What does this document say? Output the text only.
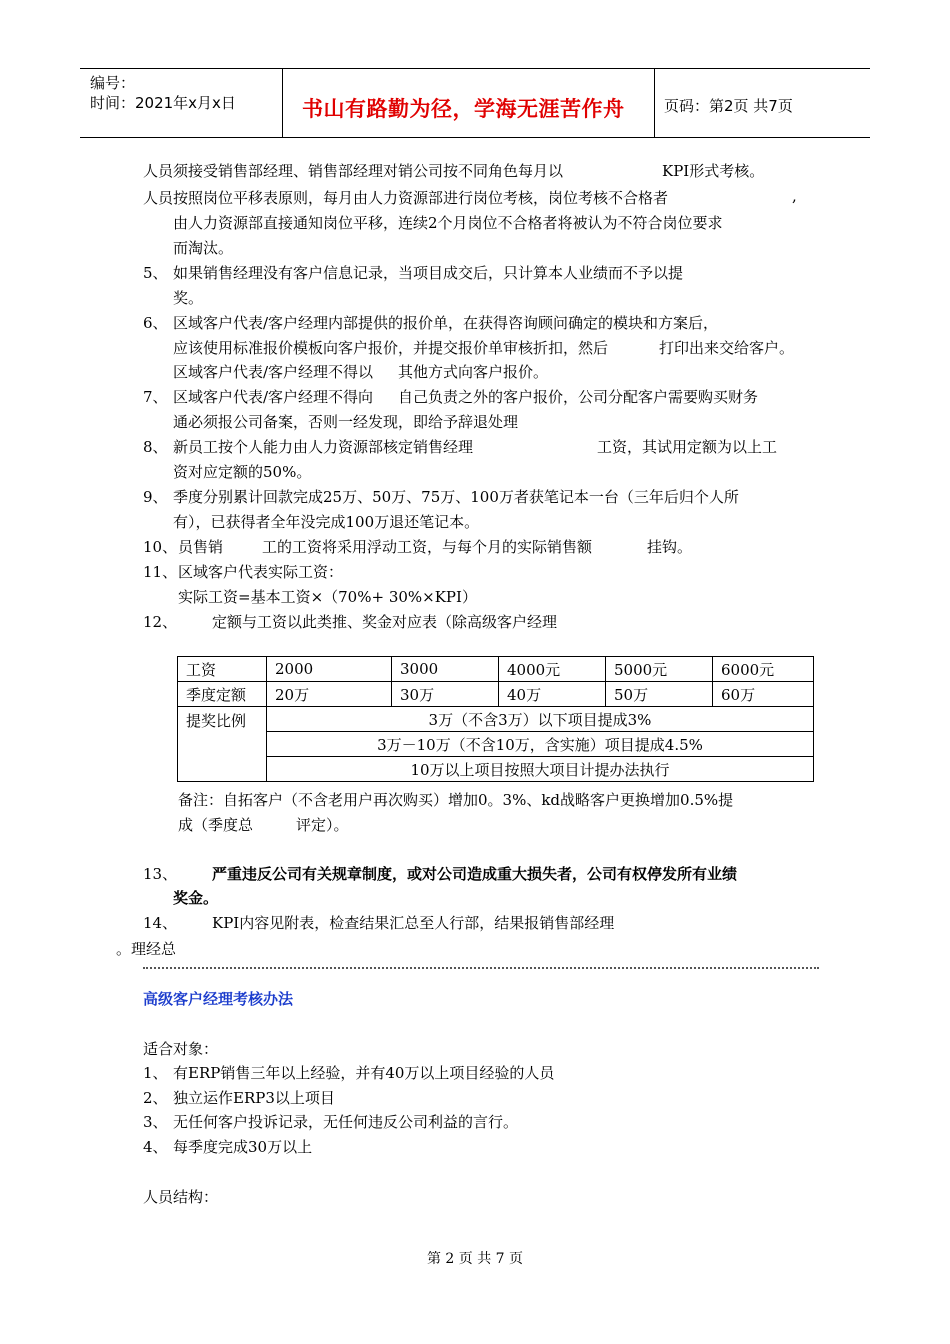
编号：
时间：2021年x月x日	书山有路勤为径，学海无涯苦作舟	页码：第2页 共7页
人员须接受销售部经理、销售部经理对销公司按不同角色每月以	KPI形式考核。
人员按照岗位平移表原则，每月由人力资源部进行岗位考核，岗位考核不合格者	,
由人力资源部直接通知岗位平移，连续2个月岗位不合格者将被认为不符合岗位要求
而淘汰。
5、 如果销售经理没有客户信息记录，当项目成交后，只计算本人业绩而不予以提
奖。
6、 区域客户代表/客户经理内部提供的报价单，在获得咨询顾问确定的模块和方案后，
应该使用标准报价模板向客户报价，并提交报价单审核折扣，然后	打印出来交给客户。
区域客户代表/客户经理不得以 其他方式向客户报价。
7、 区域客户代表/客户经理不得向 自己负责之外的客户报价，公司分配客户需要购买财务
通必须报公司备案，否则一经发现，即给予辞退处理
8、 新员工按个人能力由人力资源部核定销售经理	工资，其试用定额为以上工
资对应定额的50%。
9、 季度分别累计回款完成25万、50万、75万、100万者获笔记本一台（三年后归个人所
有），已获得者全年没完成100万退还笔记本。
10、 员售销	工的工资将采用浮动工资，与每个月的实际销售额	挂钩。
11、 区域客户代表实际工资：
实际工资=基本工资×（70%+ 30%×KPI）
12、 定额与工资以此类推、奖金对应表（除高级客户经理
工资	2000	3000	4000元	5000元	6000元
季度定额	20万	30万	40万	50万	60万
提奖比例	3万（不含3万）以下项目提成3%				
	3万－10万（不含10万，含实施）项目提成4.5%				
	10万以上项目按照大项目计提办法执行				
备注：自拓客户（不含老用户再次购买）增加0。3%、kd战略客户更换增加0.5%提
成（季度总	评定）。
13、 严重违反公司有关规章制度，或对公司造成重大损失者，公司有权停发所有业绩
奖金。
14、 KPI内容见附表，检查结果汇总至人行部，结果报销售部经理
。理经总
高级客户经理考核办法
适合对象：
1、 有ERP销售三年以上经验，并有40万以上项目经验的人员
2、 独立运作ERP3以上项目
3、 无任何客户投诉记录，无任何违反公司利益的言行。
4、 每季度完成30万以上
人员结构：
第 2 页 共 7 页
